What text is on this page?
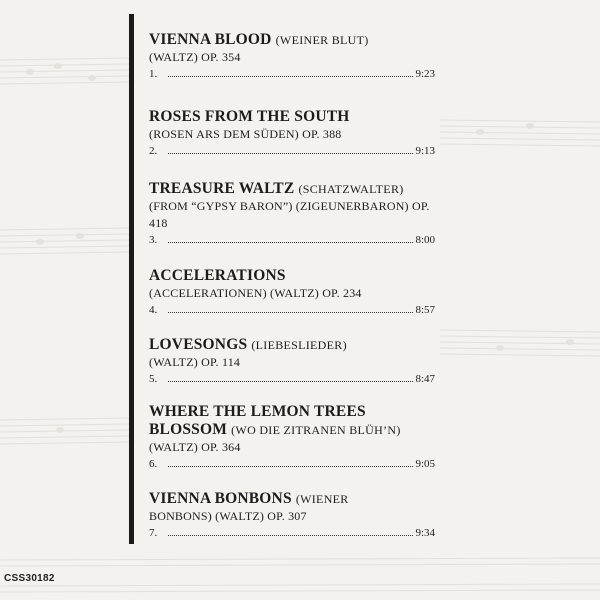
VIENNA BLOOD (WEINER BLUT)
(WALTZ) OP. 354
1.	9:23
ROSES FROM THE SOUTH
(ROSEN ARS DEM SÜDEN) OP. 388
2.	9:13
TREASURE WALTZ (SCHATZWALTER)
(FROM “GYPSY BARON”) (ZIGEUNERBARON) OP. 418
3.	8:00
ACCELERATIONS
(ACCELERATIONEN) (WALTZ) OP. 234
4.	8:57
LOVESONGS (LIEBESLIEDER)
(WALTZ) OP. 114
5.	8:47
WHERE THE LEMON TREES BLOSSOM (WO DIE ZITRANEN BLÜH’N)
(WALTZ) OP. 364
6.	9:05
VIENNA BONBONS (WIENER
BONBONS) (WALTZ) OP. 307
7.	9:34
CSS30182
